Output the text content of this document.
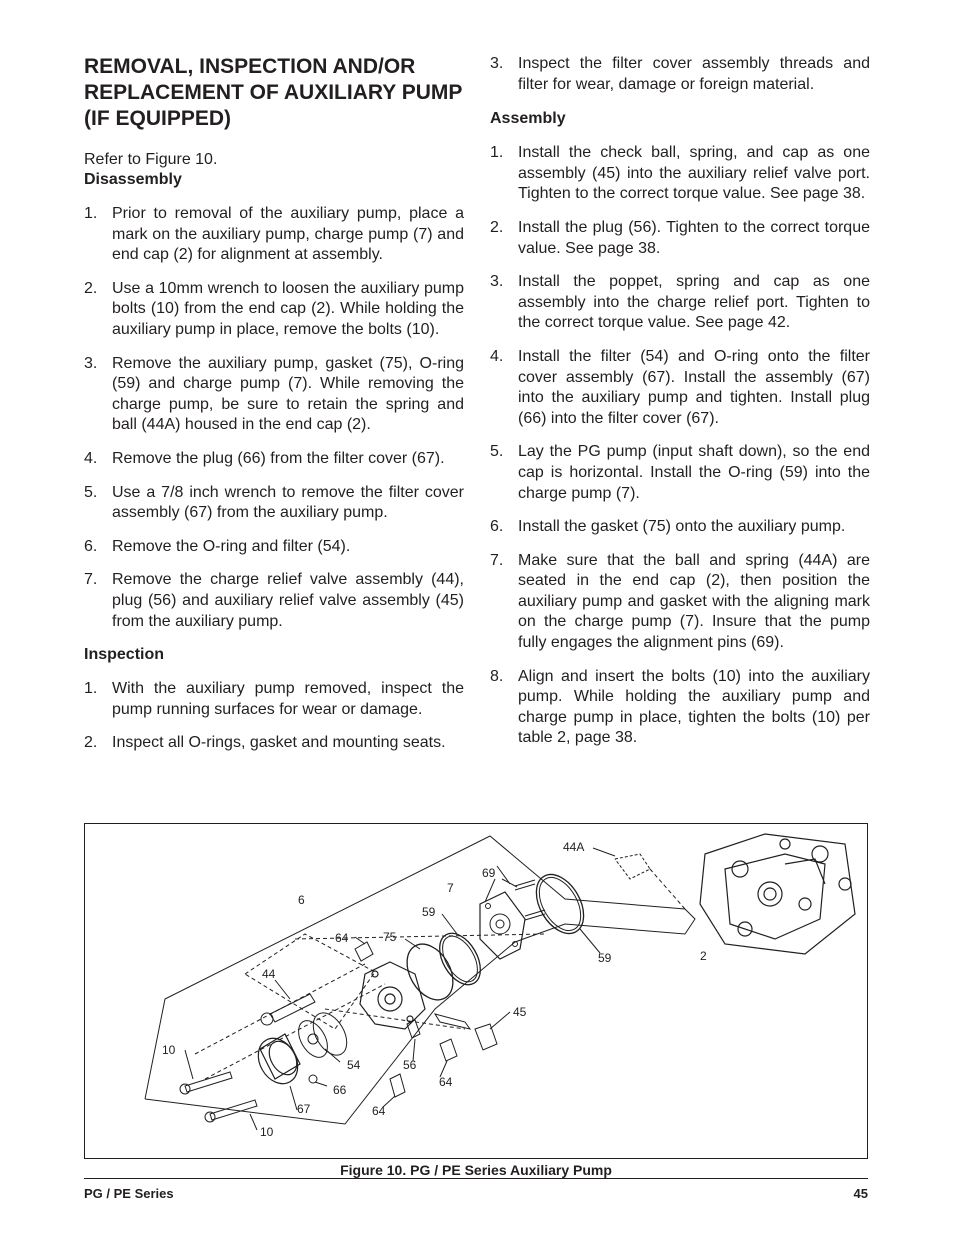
REMOVAL, INSPECTION AND/OR REPLACEMENT OF AUXILIARY PUMP (IF EQUIPPED)

Refer to Figure 10.

Disassembly

1. Prior to removal of the auxiliary pump, place a mark on the auxiliary pump, charge pump (7) and end cap (2) for alignment at assembly.
2. Use a 10mm wrench to loosen the auxiliary pump bolts (10) from the end cap (2). While holding the auxiliary pump in place, remove the bolts (10).
3. Remove the auxiliary pump, gasket (75), O-ring (59) and charge pump (7). While removing the charge pump, be sure to retain the spring and ball (44A) housed in the end cap (2).
4. Remove the plug (66) from the filter cover (67).
5. Use a 7/8 inch wrench to remove the filter cover assembly (67) from the auxiliary pump.
6. Remove the O-ring and filter (54).
7. Remove the charge relief valve assembly (44), plug (56) and auxiliary relief valve assembly (45) from the auxiliary pump.

Inspection

1. With the auxiliary pump removed, inspect the pump running surfaces for wear or damage.
2. Inspect all O-rings, gasket and mounting seats.
3. Inspect the filter cover assembly threads and filter for wear, damage or foreign material.

Assembly

1. Install the check ball, spring, and cap as one assembly (45) into the auxiliary relief valve port. Tighten to the correct torque value. See page 38.
2. Install the plug (56). Tighten to the correct torque value. See page 38.
3. Install the poppet, spring and cap as one assembly into the charge relief port. Tighten to the correct torque value. See page 42.
4. Install the filter (54) and O-ring onto the filter cover assembly (67). Install the assembly (67) into the auxiliary pump and tighten. Install plug (66) into the filter cover (67).
5. Lay the PG pump (input shaft down), so the end cap is horizontal. Install the O-ring (59) into the charge pump (7).
6. Install the gasket (75) onto the auxiliary pump.
7. Make sure that the ball and spring (44A) are seated in the end cap (2), then position the auxiliary pump and gasket with the aligning mark on the charge pump (7). Insure that the pump fully engages the alignment pins (69).
8. Align and insert the bolts (10) into the auxiliary pump. While holding the auxiliary pump and charge pump in place, tighten the bolts (10) per table 2, page 38.
44A
69
7
6
59
75
64
59	2
44
45
10
54	56
64
66
64
67
10
Figure 10. PG / PE Series Auxiliary Pump
PG / PE Series	45
